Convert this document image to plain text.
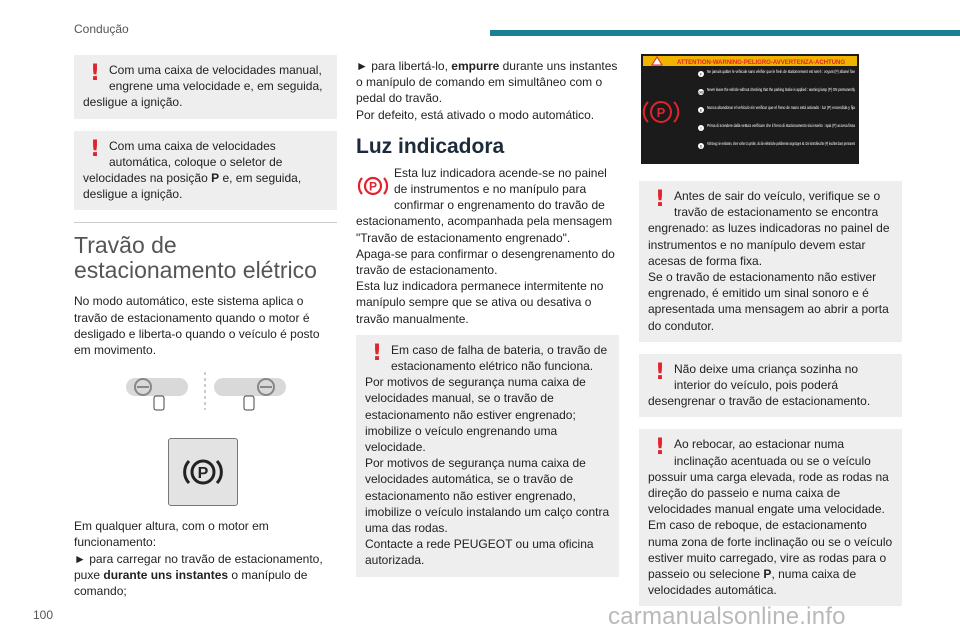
Condução
! Com uma caixa de velocidades manual, engrene uma velocidade e, em seguida, desligue a ignição.

! Com uma caixa de velocidades automática, coloque o seletor de velocidades na posição P e, em seguida, desligue a ignição.

Travão de estacionamento elétrico

No modo automático, este sistema aplica o travão de estacionamento quando o motor é desligado e liberta-o quando o veículo é posto em movimento.

P

Em qualquer altura, com o motor em funcionamento:

► para carregar no travão de estacionamento, puxe durante uns instantes o manípulo de comando;

► para libertá-lo, empurre durante uns instantes o manípulo de comando em simultâneo com o pedal do travão.

Por defeito, está ativado o modo automático.

Luz indicadora
P

Esta luz indicadora acende-se no painel de instrumentos e no manípulo para confirmar o engrenamento do travão de estacionamento, acompanhada pela mensagem "Travão de estacionamento engrenado".

Apaga-se para confirmar o desengrenamento do travão de estacionamento.

Esta luz indicadora permanece intermitente no manípulo sempre que se ativa ou desativa o travão manualmente.

! Em caso de falha de bateria, o travão de estacionamento elétrico não funciona.

Por motivos de segurança numa caixa de velocidades manual, se o travão de estacionamento não estiver engrenado; imobilize o veículo engrenando uma velocidade.

Por motivos de segurança numa caixa de velocidades automática, se o travão de estacionamento não estiver engrenado, imobilize o veículo instalando um calço contra uma das rodas.

Contacte a rede PEUGEOT ou uma oficina autorizada.

ATTENTION-WARNING-PELIGRO-AVVERTENZA-ACHTUNG
P
F
Ne jamais quitter le véhicule sans vérifier que le frein de stationnement est serré : voyant (P) allumé fixe
GB
Never leave the vehicle without checking that the parking brake is applied : warning lamp (P) ON permanently
E
Nunca abandonar el vehículo sin verificar que el freno de mano está activado : luz (P) encendida y fija
I
Prima di scendere dalla vettura verificare che il freno di stazionamento sia inserito : spia (P) accesa fissa
D
Fahrzeug nie verlassen, ohne vorher zu prüfen, ob die elektrische parkbremse angezogen ist. Die kontrolleuchte (P) leuchtet dann permanent
! Antes de sair do veículo, verifique se o travão de estacionamento se encontra engrenado: as luzes indicadoras no painel de instrumentos e no manípulo devem estar acesas de forma fixa.

Se o travão de estacionamento não estiver engrenado, é emitido um sinal sonoro e é apresentada uma mensagem ao abrir a porta do condutor.

! Não deixe uma criança sozinha no interior do veículo, pois poderá desengrenar o travão de estacionamento.

! Ao rebocar, ao estacionar numa inclinação acentuada ou se o veículo possuir uma carga elevada, rode as rodas na direção do passeio e numa caixa de velocidades manual engate uma velocidade.

Em caso de reboque, de estacionamento numa zona de forte inclinação ou se o veículo estiver muito carregado, vire as rodas para o passeio ou selecione P, numa caixa de velocidades automática.

100	carmanualsonline.info
